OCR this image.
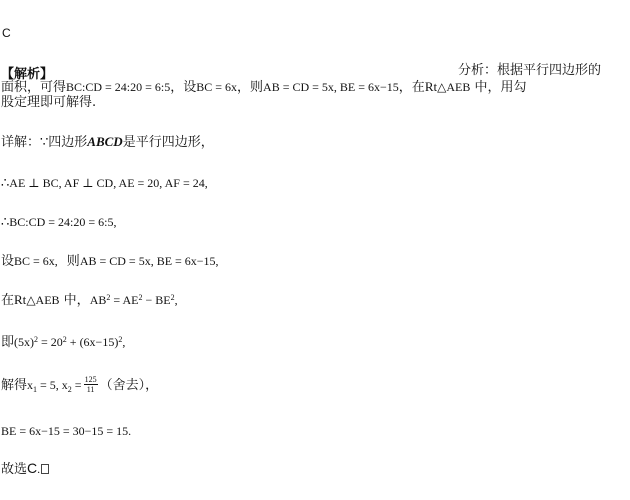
C
【解析】	分析：根据平行四边形的
面积，可得BC:CD = 24:20 = 6:5，设BC = 6x，则AB = CD = 5x, BE = 6x−15，在Rt△AEB 中，用勾
股定理即可解得.
详解：∵四边形ABCD是平行四边形，
∴AE ⊥ BC, AF ⊥ CD, AE = 20, AF = 24,
∴BC:CD = 24:20 = 6:5,
设BC = 6x, 则AB = CD = 5x, BE = 6x−15,
在Rt△AEB 中，$AB^2 = AE^2 - BE^2$,
即$(5x)^2 = 20^2 + (6x-15)^2$,
解得$x_1 = 5$, $x_2 = \frac{125}{11}$ （舍去），
BE = 6x−15 = 30−15 = 15.
故选C.
